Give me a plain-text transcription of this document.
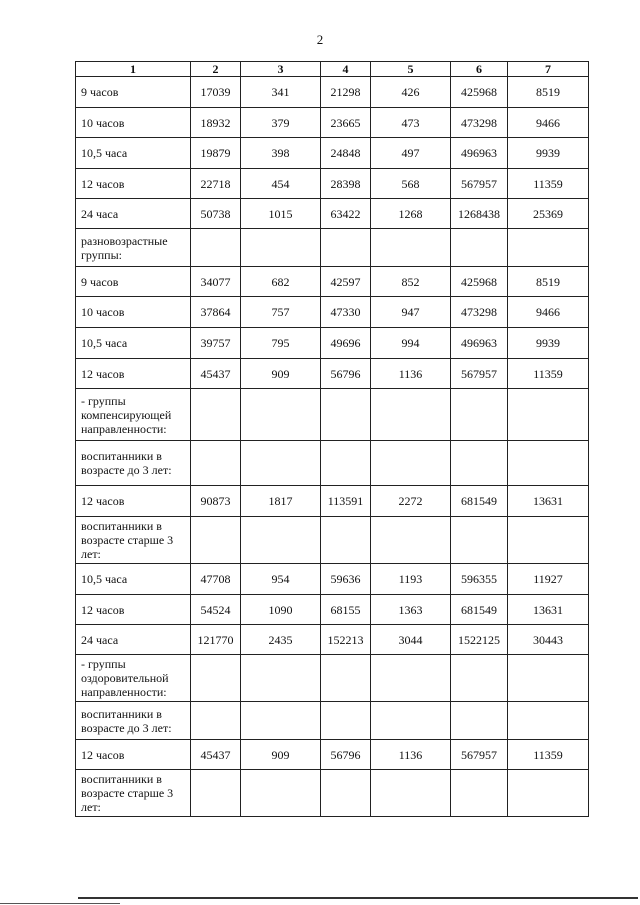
2
1	2	3	4	5	6	7
9 часов	17039	341	21298	426	425968	8519
10 часов	18932	379	23665	473	473298	9466
10,5 часа	19879	398	24848	497	496963	9939
12 часов	22718	454	28398	568	567957	11359
24 часа	50738	1015	63422	1268	1268438	25369
разновозрастные группы:						
9 часов	34077	682	42597	852	425968	8519
10 часов	37864	757	47330	947	473298	9466
10,5 часа	39757	795	49696	994	496963	9939
12 часов	45437	909	56796	1136	567957	11359
- группы компенсирующей направленности:						
воспитанники в возрасте до 3 лет:						
12 часов	90873	1817	113591	2272	681549	13631
воспитанники в возрасте старше 3 лет:						
10,5 часа	47708	954	59636	1193	596355	11927
12 часов	54524	1090	68155	1363	681549	13631
24 часа	121770	2435	152213	3044	1522125	30443
- группы оздоровительной направленности:						
воспитанники в возрасте до 3 лет:						
12 часов	45437	909	56796	1136	567957	11359
воспитанники в возрасте старше 3 лет:						
